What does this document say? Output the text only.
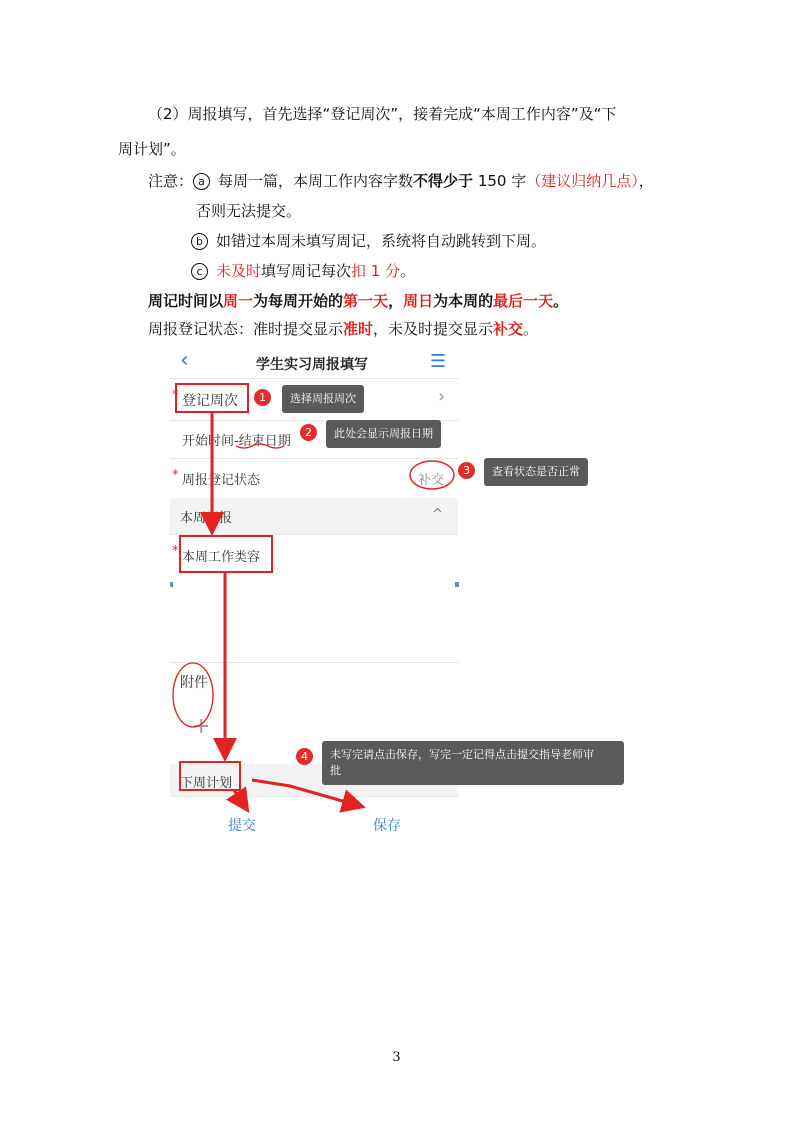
（2）周报填写，首先选择“登记周次”，接着完成“本周工作内容”及“下
周计划”。
注意： a 每周一篇，本周工作内容字数不得少于 150 字（建议归纳几点），
否则无法提交。
b 如错过本周未填写周记，系统将自动跳转到下周。
c 未及时填写周记每次扣 1 分。
周记时间以周一为每周开始的第一天，周日为本周的最后一天。
周报登记状态：准时提交显示准时，未及时提交显示补交。
‹	学生实习周报填写	☰
* 登记周次	›
开始时间-结束日期
* 周报登记状态	补交
本周周报	^
* 本周工作类容
附件
+
下周计划
提交	保存
1	选择周报周次
2	此处会显示周报日期
3	查看状态是否正常
4	未写完请点击保存，写完一定记得点击提交指导老师审
批
3
